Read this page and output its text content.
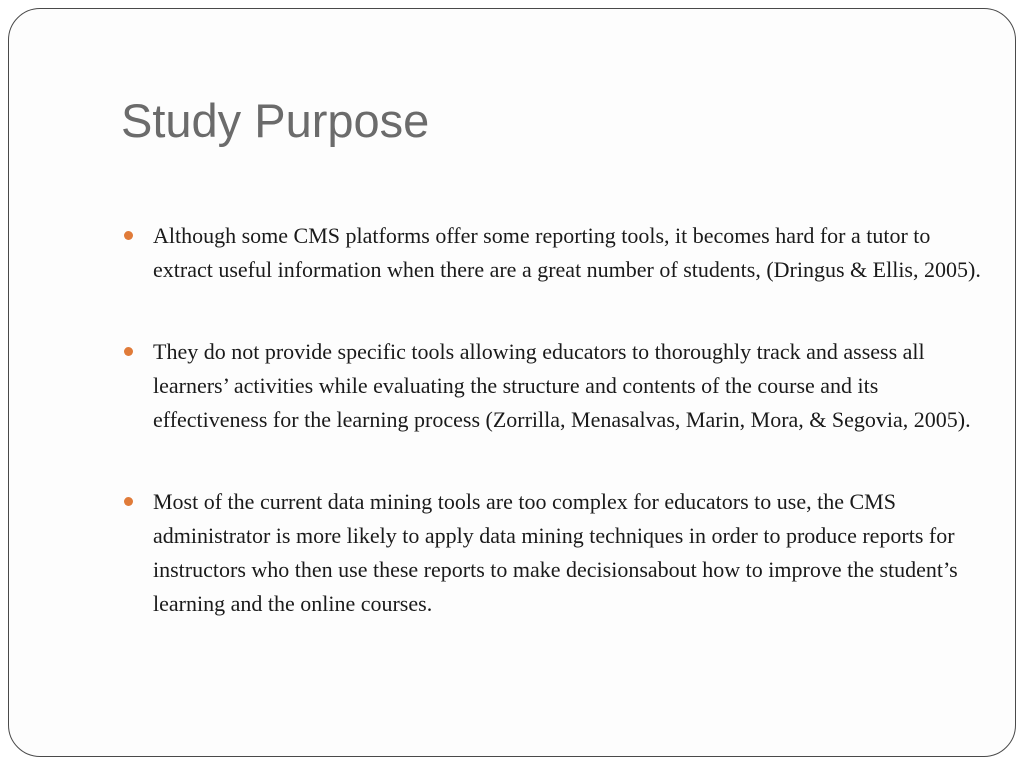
Study Purpose
Although some CMS platforms offer some reporting tools, it becomes hard for a tutor to extract useful information when there are a great number of students, (Dringus & Ellis, 2005).
They do not provide specific tools allowing educators to thoroughly track and assess all learners’ activities while evaluating the structure and contents of the course and its effectiveness for the learning process (Zorrilla, Menasalvas, Marin, Mora, & Segovia, 2005).
Most of the current data mining tools are too complex for educators to use, the CMS administrator is more likely to apply data mining techniques in order to produce reports for instructors who then use these reports to make decisionsabout how to improve the student’s learning and the online courses.
